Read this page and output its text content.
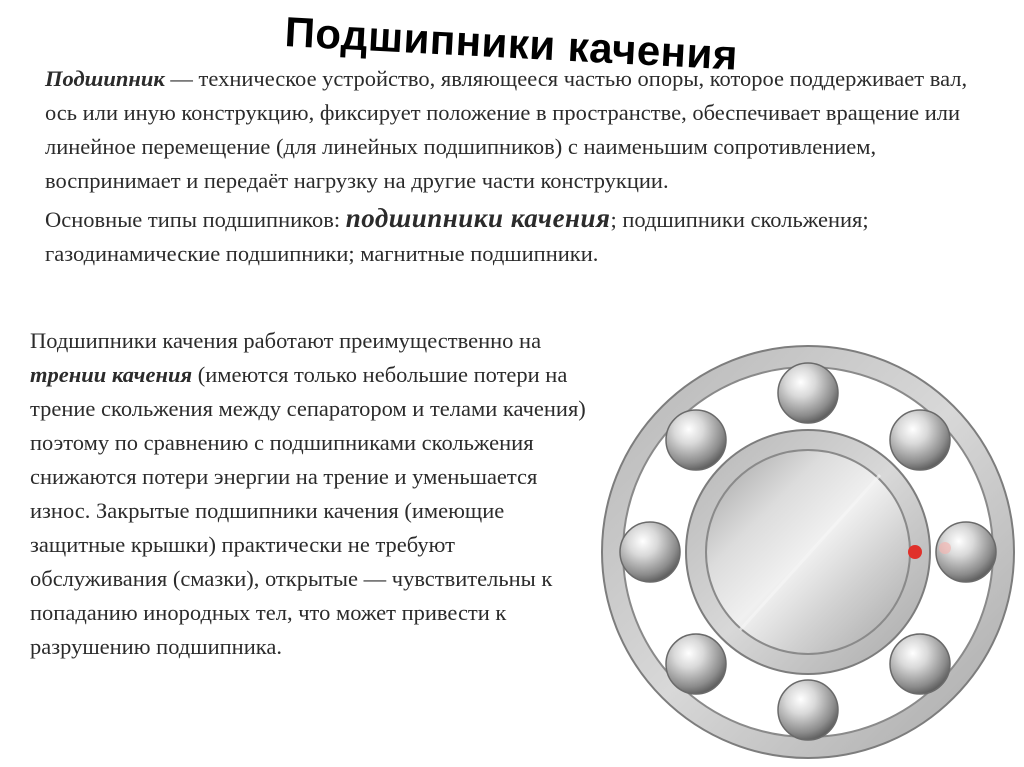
Подшипники качения

Подшипник — техническое устройство, являющееся частью опоры, которое поддерживает вал, ось или иную конструкцию, фиксирует положение в пространстве, обеспечивает вращение или линейное перемещение (для линейных подшипников) с наименьшим сопротивлением, воспринимает и передаёт нагрузку на другие части конструкции.

Основные типы подшипников: подшипники качения; подшипники скольжения; газодинамические подшипники; магнитные подшипники.

Подшипники качения работают преимущественно на трении качения (имеются только небольшие потери на трение скольжения между сепаратором и телами качения) поэтому по сравнению с подшипниками скольжения снижаются потери энергии на трение и уменьшается износ. Закрытые подшипники качения (имеющие защитные крышки) практически не требуют обслуживания (смазки), открытые — чувствительны к попаданию инородных тел, что может привести к разрушению подшипника.
